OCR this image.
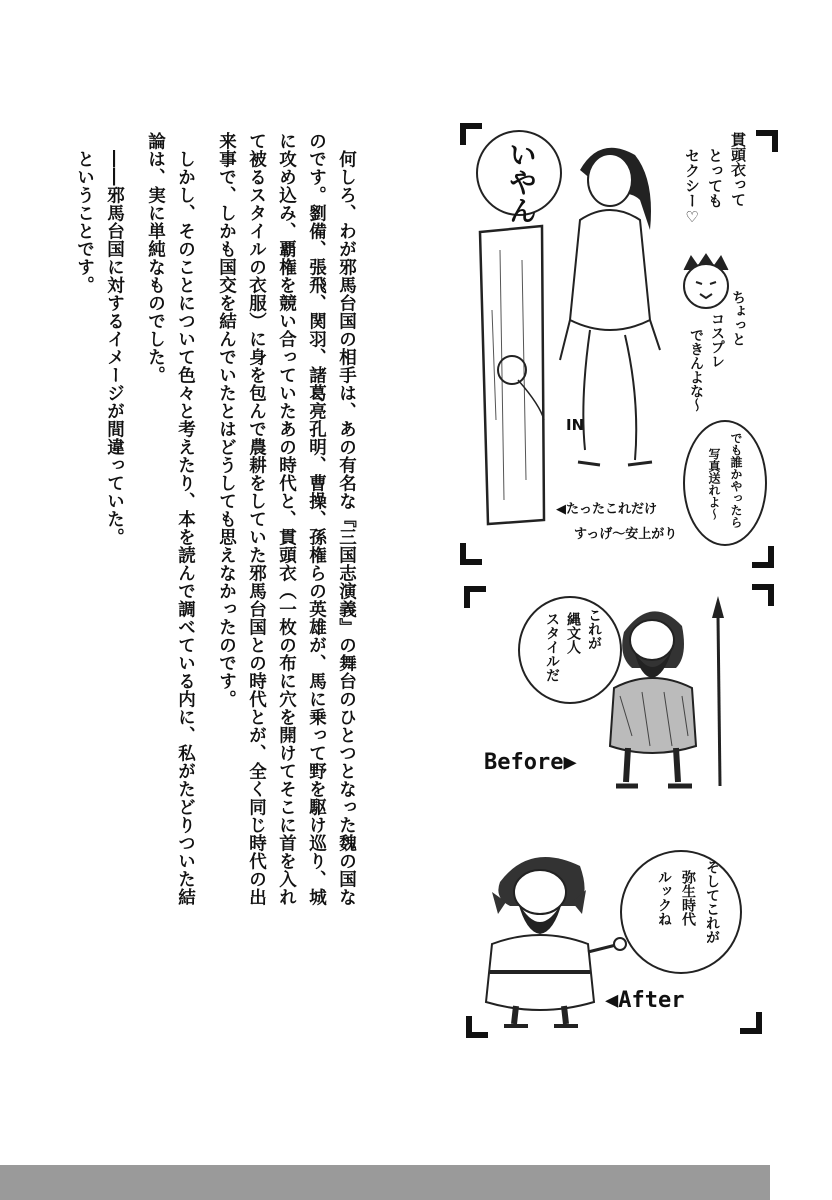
何しろ、わが邪馬台国の相手は、あの有名な『三国志演義』の舞台のひとつとなった魏の国な
のです。劉備、張飛、関羽、諸葛亮孔明、曹操、孫権らの英雄が、馬に乗って野を駆け巡り、城
に攻め込み、覇権を競い合っていたあの時代と、貫頭衣（一枚の布に穴を開けてそこに首を入れ
て被るスタイルの衣服）に身を包んで農耕をしていた邪馬台国との時代とが、全く同じ時代の出
来事で、しかも国交を結んでいたとはどうしても思えなかったのです。
しかし、そのことについて色々と考えたり、本を読んで調べている内に、私がたどりついた結
論は、実に単純なものでした。
――邪馬台国に対するイメージが間違っていた。
ということです。	いやん
IN
貫頭衣って
とっても
セクシー♡
ちょっと
コスプレ
できんよな～
でも誰かやったら
写真送れよ～
◀たったこれだけ
すっげ～安上がり
これが
縄文人
スタイルだ
Before▶
そしてこれが
弥生時代
ルックね
◀After
